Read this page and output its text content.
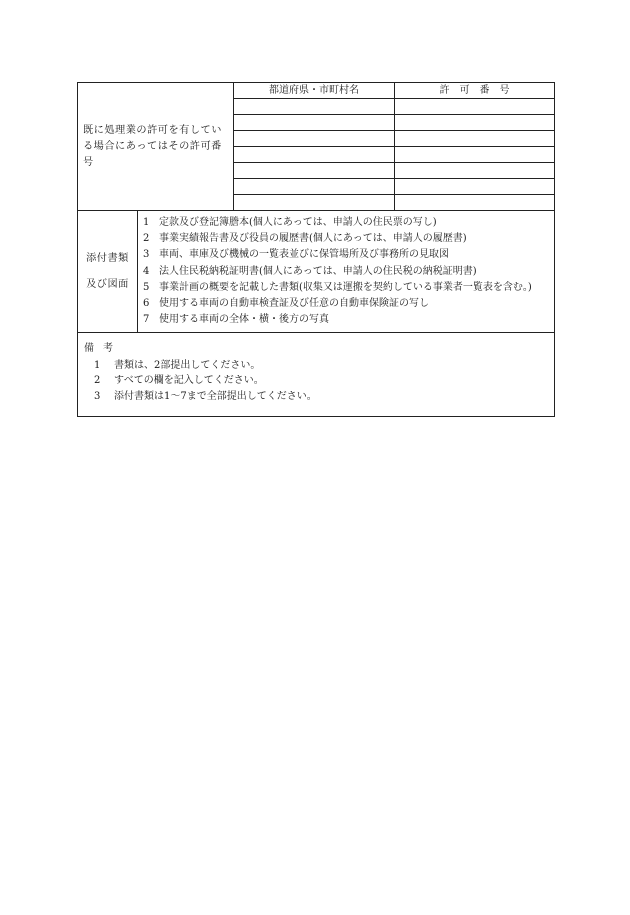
既に処理業の許可を有している場合にあってはその許可番号	
都道府県・市町村名	許　可　番　号

添付書類
及び図面

1 定款及び登記簿謄本(個人にあっては、申請人の住民票の写し)
2 事業実績報告書及び役員の履歴書(個人にあっては、申請人の履歴書)
3 車両、車庫及び機械の一覧表並びに保管場所及び事務所の見取図
4 法人住民税納税証明書(個人にあっては、申請人の住民税の納税証明書)
5 事業計画の概要を記載した書類(収集又は運搬を契約している事業者一覧表を含む。)
6 使用する車両の自動車検査証及び任意の自動車保険証の写し
7 使用する車両の全体・横・後方の写真
備考
1	書類は、2部提出してください。
2	すべての欄を記入してください。
3	添付書類は1～7まで全部提出してください。
